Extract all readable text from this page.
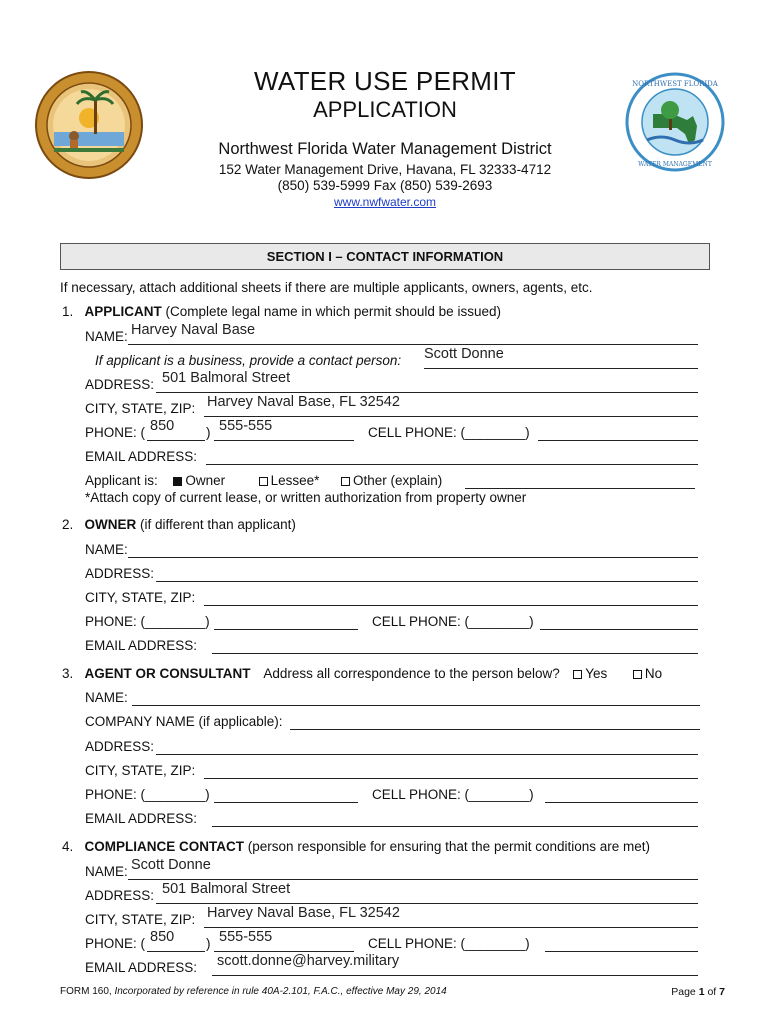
NORTHWEST FLORIDA
WATER MANAGEMENT
WATER USE PERMIT
APPLICATION
Northwest Florida Water Management District
152 Water Management Drive, Havana, FL 32333-4712
(850) 539-5999 Fax (850) 539-2693
www.nwfwater.com
SECTION I – CONTACT INFORMATION
If necessary, attach additional sheets if there are multiple applicants, owners, agents, etc.
1. APPLICANT (Complete legal name in which permit should be issued)
NAME: Harvey Naval Base
If applicant is a business, provide a contact person: Scott Donne
ADDRESS: 501 Balmoral Street
CITY, STATE, ZIP: Harvey Naval Base, FL 32542
PHONE: ( 850 ) 555-555	CELL PHONE: (________)
EMAIL ADDRESS:
Applicant is: Owner	Lessee* Other (explain)
*Attach copy of current lease, or written authorization from property owner
2. OWNER (if different than applicant)
NAME:
ADDRESS:
CITY, STATE, ZIP:
PHONE: (________)	CELL PHONE: (________)
EMAIL ADDRESS:
3. AGENT OR CONSULTANT Address all correspondence to the person below? Yes	No
NAME:
COMPANY NAME (if applicable):
ADDRESS:
CITY, STATE, ZIP:
PHONE: (________)	CELL PHONE: (________)
EMAIL ADDRESS:
4. COMPLIANCE CONTACT (person responsible for ensuring that the permit conditions are met)
NAME: Scott Donne
ADDRESS: 501 Balmoral Street
CITY, STATE, ZIP: Harvey Naval Base, FL 32542
PHONE: ( 850 ) 555-555	CELL PHONE: (________)
EMAIL ADDRESS: scott.donne@harvey.military
FORM 160, Incorporated by reference in rule 40A-2.101, F.A.C., effective May 29, 2014	Page 1 of 7
